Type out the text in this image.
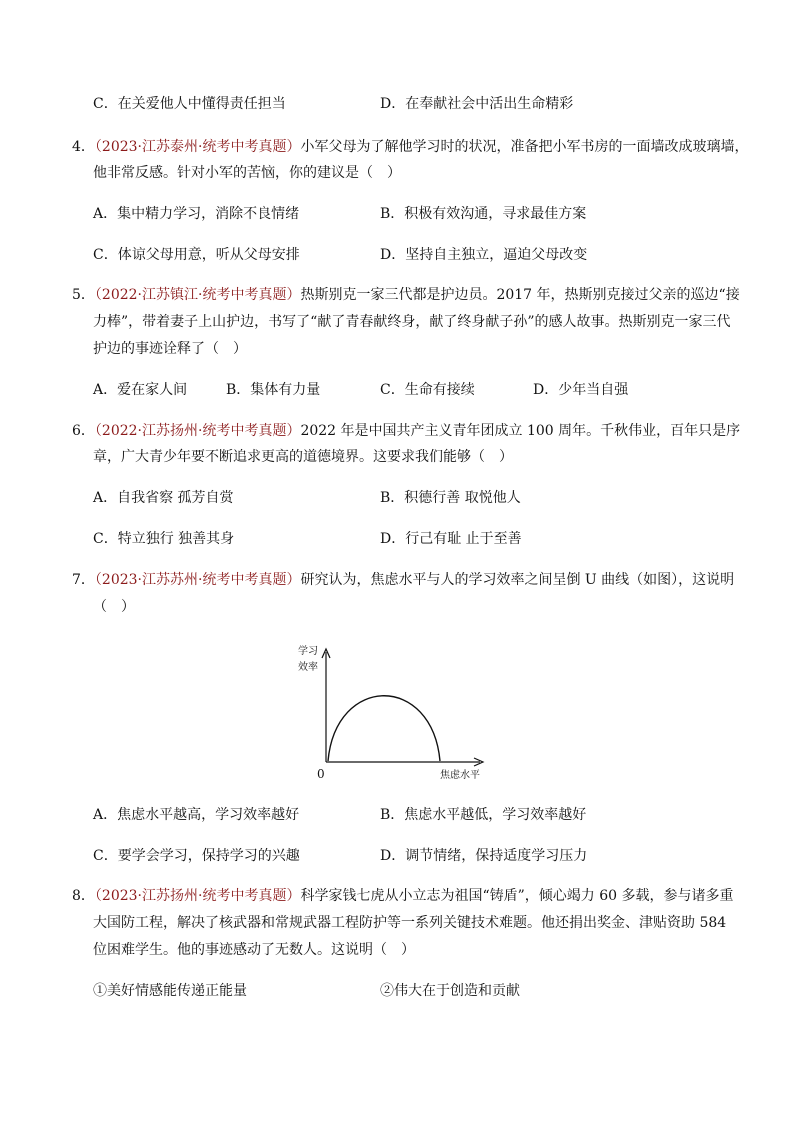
C．在关爱他人中懂得责任担当	D．在奉献社会中活出生命精彩
4．（2023·江苏泰州·统考中考真题）小军父母为了解他学习时的状况，准备把小军书房的一面墙改成玻璃墙，
他非常反感。针对小军的苦恼，你的建议是（　）
A．集中精力学习，消除不良情绪	B．积极有效沟通，寻求最佳方案
C．体谅父母用意，听从父母安排	D．坚持自主独立，逼迫父母改变
5．（2022·江苏镇江·统考中考真题）热斯别克一家三代都是护边员。2017 年，热斯别克接过父亲的巡边“接
力棒”，带着妻子上山护边，书写了“献了青春献终身，献了终身献子孙”的感人故事。热斯别克一家三代
护边的事迹诠释了（　）
A．爱在家人间	B．集体有力量	C．生命有接续	D．少年当自强
6．（2022·江苏扬州·统考中考真题）2022 年是中国共产主义青年团成立 100 周年。千秋伟业，百年只是序
章，广大青少年要不断追求更高的道德境界。这要求我们能够（　）
A．自我省察 孤芳自赏	B．积德行善 取悦他人
C．特立独行 独善其身	D．行己有耻 止于至善
7．（2023·江苏苏州·统考中考真题）研究认为，焦虑水平与人的学习效率之间呈倒 U 曲线（如图），这说明
（　）
学 习
效 率
0	焦虑水平
A．焦虑水平越高，学习效率越好	B．焦虑水平越低，学习效率越好
C．要学会学习，保持学习的兴趣	D．调节情绪，保持适度学习压力
8．（2023·江苏扬州·统考中考真题）科学家钱七虎从小立志为祖国“铸盾”，倾心竭力 60 多载，参与诸多重
大国防工程，解决了核武器和常规武器工程防护等一系列关键技术难题。他还捐出奖金、津贴资助 584
位困难学生。他的事迹感动了无数人。这说明（　）
①美好情感能传递正能量	②伟大在于创造和贡献
